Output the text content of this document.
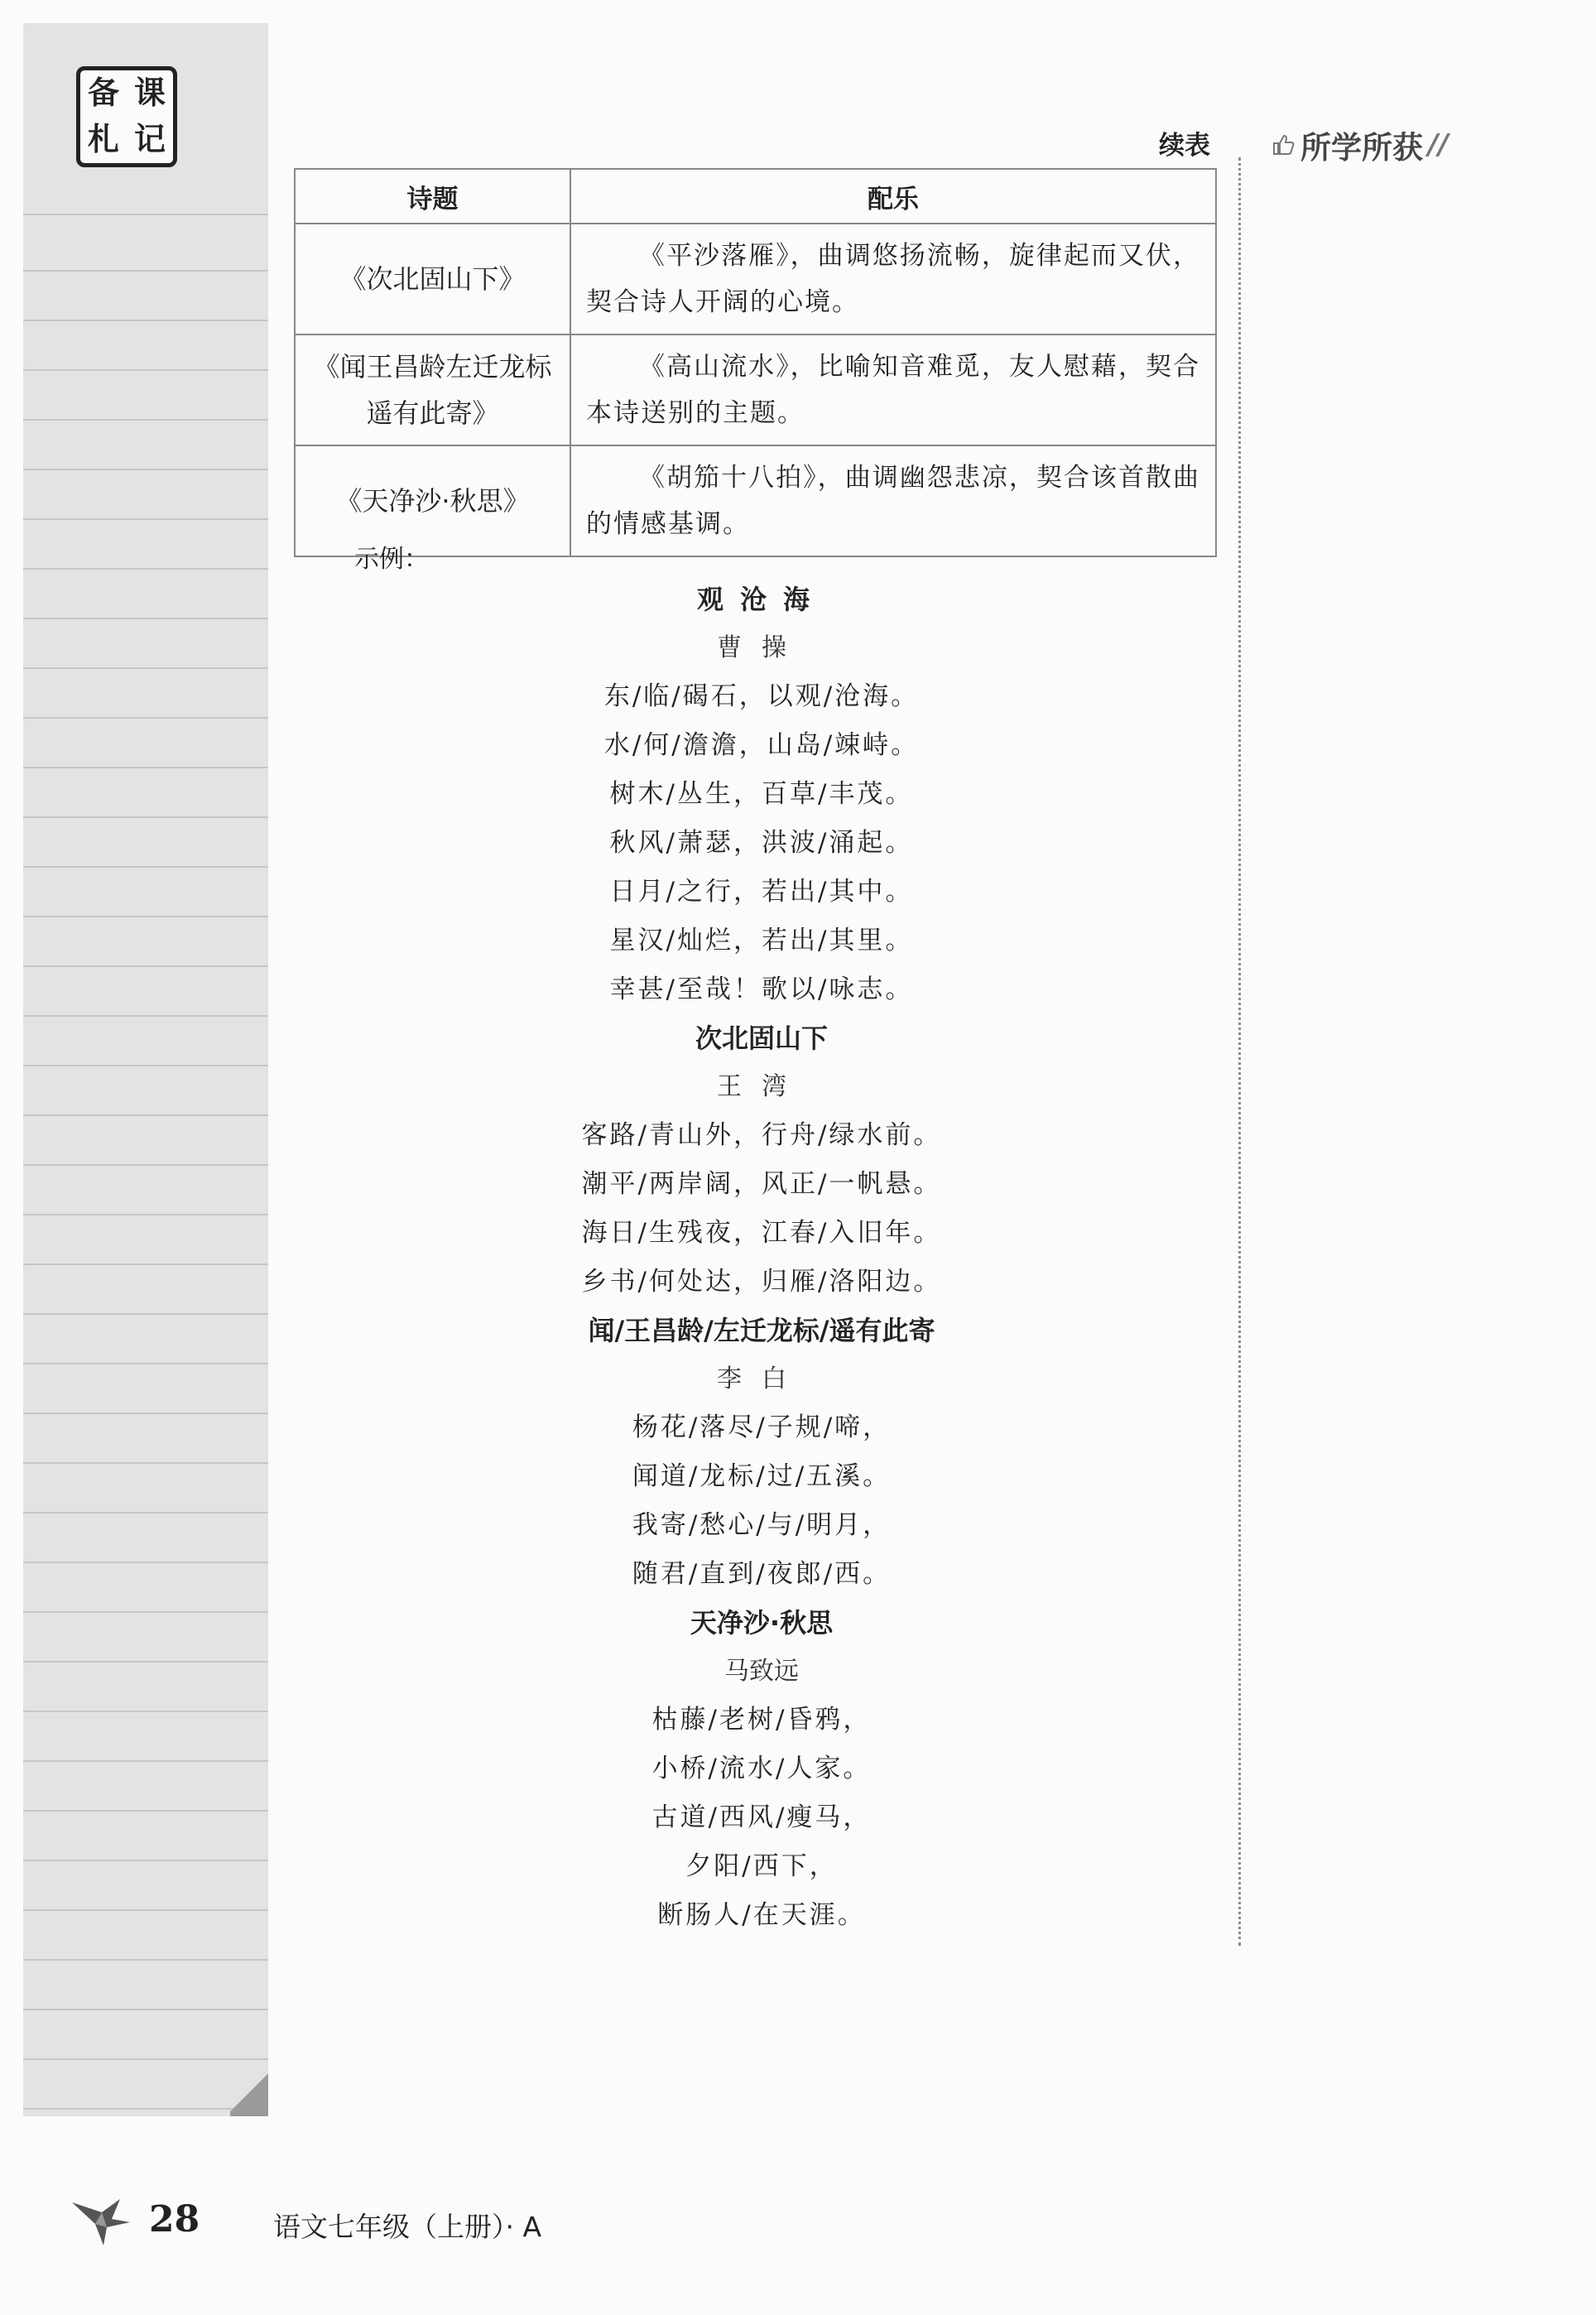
备 课
札 记	续表	所学所获 //
诗题	配乐
《次北固山下》	《平沙落雁》，曲调悠扬流畅，旋律起而又伏，契合诗人开阔的心境。
《闻王昌龄左迁龙标遥有此寄》	《高山流水》，比喻知音难觅，友人慰藉，契合本诗送别的主题。
《天净沙·秋思》	《胡笳十八拍》，曲调幽怨悲凉，契合该首散曲的情感基调。
示例：
观沧海
曹操
东/临/碣石，以观/沧海。
水/何/澹澹，山岛/竦峙。
树木/丛生，百草/丰茂。
秋风/萧瑟，洪波/涌起。
日月/之行，若出/其中。
星汉/灿烂，若出/其里。
幸甚/至哉！歌以/咏志。
次北固山下
王湾
客路/青山外，行舟/绿水前。
潮平/两岸阔，风正/一帆悬。
海日/生残夜，江春/入旧年。
乡书/何处达，归雁/洛阳边。
闻/王昌龄/左迁龙标/遥有此寄
李白
杨花/落尽/子规/啼，
闻道/龙标/过/五溪。
我寄/愁心/与/明月，
随君/直到/夜郎/西。
天净沙·秋思
马致远
枯藤/老树/昏鸦，
小桥/流水/人家。
古道/西风/瘦马，
夕阳/西下，
断肠人/在天涯。
28	语文七年级（上册）· A
